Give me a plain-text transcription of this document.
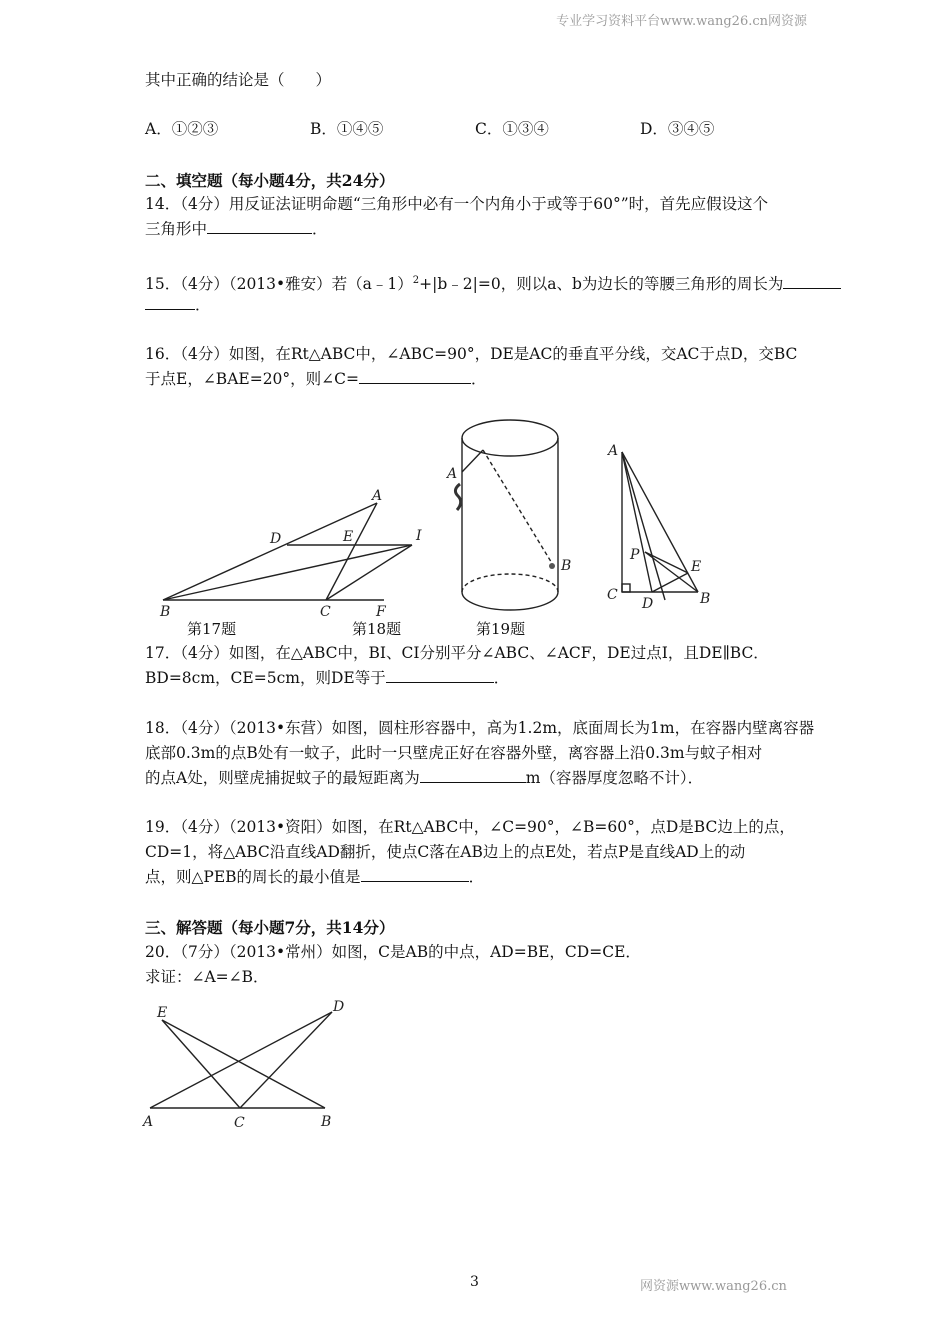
专业学习资料平台www.wang26.cn网资源
其中正确的结论是（　　）
A．①②③	B．①④⑤	C．①③④	D．③④⑤
二、填空题（每小题4分，共24分）
14．（4分）用反证法证明命题“三角形中必有一个内角小于或等于60°”时，首先应假设这个
三角形中	．
15．（4分）（2013•雅安）若（a﹣1）$^2$+|b﹣2|=0，则以a、b为边长的等腰三角形的周长为
．
16．（4分）如图，在Rt△ABC中，∠ABC=90°，DE是AC的垂直平分线，交AC于点D，交BC
于点E，∠BAE=20°，则∠C=	．
A
D	E	I
B	C	F
A
B
A
P
E
C
D	B
第17题	第18题	第19题
17．（4分）如图，在△ABC中，BI、CI分别平分∠ABC、∠ACF，DE过点I，且DE∥BC．
BD=8cm，CE=5cm，则DE等于	．
18．（4分）（2013•东营）如图，圆柱形容器中，高为1.2m，底面周长为1m，在容器内壁离容器
底部0.3m的点B处有一蚊子，此时一只壁虎正好在容器外壁，离容器上沿0.3m与蚊子相对
的点A处，则壁虎捕捉蚊子的最短距离为	m（容器厚度忽略不计）．
19．（4分）（2013•资阳）如图，在Rt△ABC中，∠C=90°，∠B=60°，点D是BC边上的点，
CD=1，将△ABC沿直线AD翻折，使点C落在AB边上的点E处，若点P是直线AD上的动
点，则△PEB的周长的最小值是	．
三、解答题（每小题7分，共14分）
20．（7分）（2013•常州）如图，C是AB的中点，AD=BE，CD=CE．
求证：∠A=∠B．
E	D
A	C	B
3	网资源www.wang26.cn
